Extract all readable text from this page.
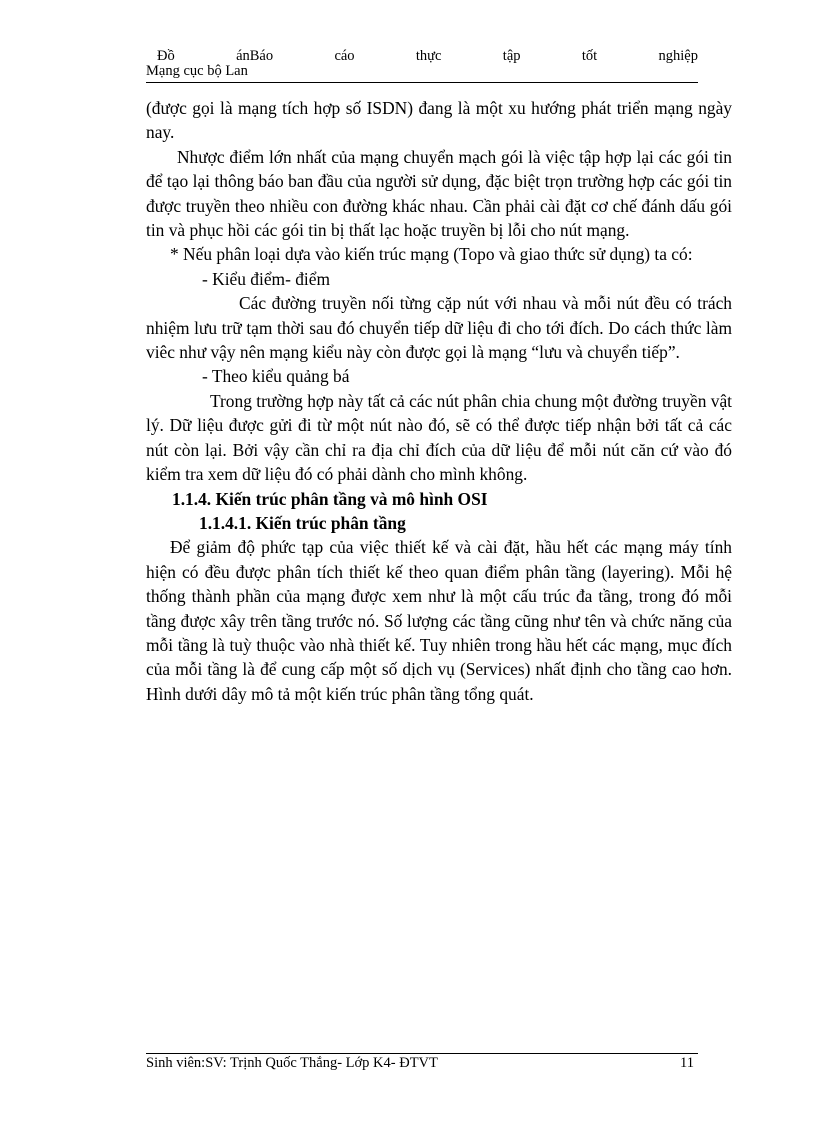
Đồ	ánBáo	cáo	thực	tập	tốt	nghiệp
Mạng cục bộ Lan

(được gọi là mạng tích hợp số ISDN) đang là một xu hướng phát triển mạng ngày nay.

Nhược điểm lớn nhất của mạng chuyển mạch gói là việc tập hợp lại các gói tin để tạo lại thông báo ban đầu của người sử dụng, đặc biệt trọn trường hợp các gói tin được truyền theo nhiều con đường khác nhau. Cần phải cài đặt cơ chế đánh dấu gói tin và phục hồi các gói tin bị thất lạc hoặc truyền bị lỗi cho nút mạng.

* Nếu phân loại dựa vào kiến trúc mạng (Topo và giao thức sử dụng) ta có:

- Kiểu điểm- điểm

Các đường truyền nối từng cặp nút với nhau và mỗi nút đều có trách nhiệm lưu trữ tạm thời sau đó chuyển tiếp dữ liệu đi cho tới đích. Do cách thức làm viêc như vậy nên mạng kiểu này còn được gọi là mạng “lưu và chuyển tiếp”.

- Theo kiểu quảng bá

Trong trường hợp này tất cả các nút phân chia chung một đường truyền vật lý. Dữ liệu được gửi đi từ một nút nào đó, sẽ có thể được tiếp nhận bởi tất cả các nút còn lại. Bởi vậy cần chỉ ra địa chỉ đích của dữ liệu để mỗi nút căn cứ vào đó kiểm tra xem dữ liệu đó có phải dành cho mình không.

1.1.4. Kiến trúc phân tầng và mô hình OSI

1.1.4.1. Kiến trúc phân tầng

Để giảm độ phức tạp của việc thiết kế và cài đặt, hầu hết các mạng máy tính hiện có đều được phân tích thiết kế theo quan điểm phân tầng (layering). Mỗi hệ thống thành phần của mạng được xem như là một cấu trúc đa tầng, trong đó mỗi tầng được xây trên tầng trước nó. Số lượng các tầng cũng như tên và chức năng của mỗi tầng là tuỳ thuộc vào nhà thiết kế. Tuy nhiên trong hầu hết các mạng, mục đích của mỗi tầng là để cung cấp một số dịch vụ (Services) nhất định cho tầng cao hơn. Hình dưới dây mô tả một kiến trúc phân tầng tổng quát.

Sinh viên:SV: Trịnh Quốc Thắng- Lớp K4- ĐTVT	11
